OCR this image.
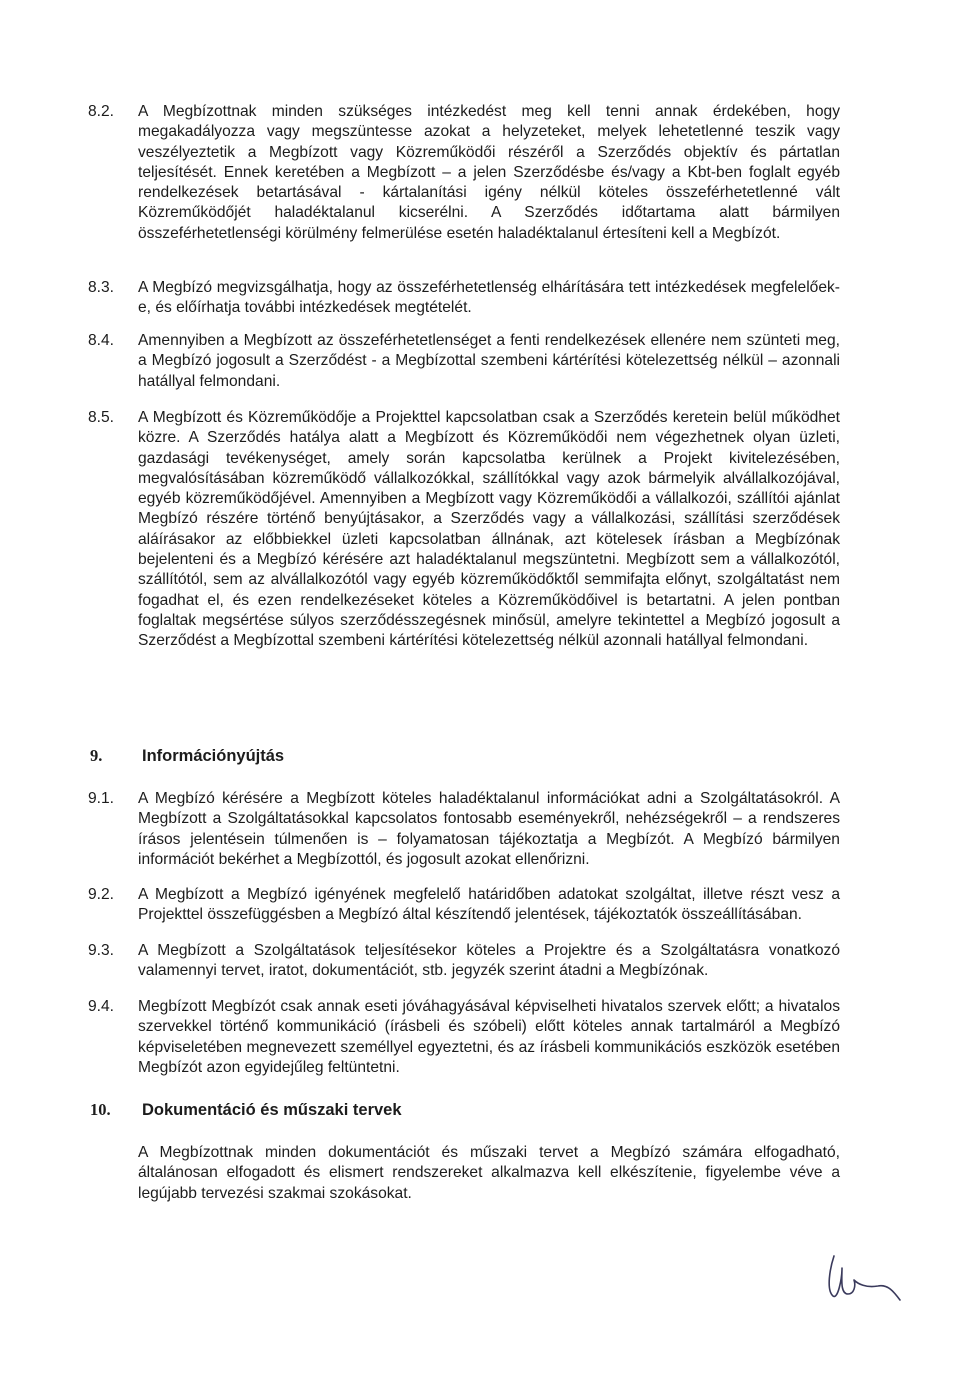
8.2. A Megbízottnak minden szükséges intézkedést meg kell tenni annak érdekében, hogy megakadályozza vagy megszüntesse azokat a helyzeteket, melyek lehetetlenné teszik vagy veszélyeztetik a Megbízott vagy Közreműködői részéről a Szerződés objektív és pártatlan teljesítését. Ennek keretében a Megbízott – a jelen Szerződésbe és/vagy a Kbt-ben foglalt egyéb rendelkezések betartásával - kártalanítási igény nélkül köteles összeférhetetlenné vált Közreműködőjét haladéktalanul kicserélni. A Szerződés időtartama alatt bármilyen összeférhetetlenségi körülmény felmerülése esetén haladéktalanul értesíteni kell a Megbízót.
8.3. A Megbízó megvizsgálhatja, hogy az összeférhetetlenség elhárítására tett intézkedések megfelelőek-e, és előírhatja további intézkedések megtételét.
8.4. Amennyiben a Megbízott az összeférhetetlenséget a fenti rendelkezések ellenére nem szünteti meg, a Megbízó jogosult a Szerződést - a Megbízottal szembeni kártérítési kötelezettség nélkül – azonnali hatállyal felmondani.
8.5. A Megbízott és Közreműködője a Projekttel kapcsolatban csak a Szerződés keretein belül működhet közre. A Szerződés hatálya alatt a Megbízott és Közreműködői nem végezhetnek olyan üzleti, gazdasági tevékenységet, amely során kapcsolatba kerülnek a Projekt kivitelezésében, megvalósításában közreműködő vállalkozókkal, szállítókkal vagy azok bármelyik alvállalkozójával, egyéb közreműködőjével. Amennyiben a Megbízott vagy Közreműködői a vállalkozói, szállítói ajánlat Megbízó részére történő benyújtásakor, a Szerződés vagy a vállalkozási, szállítási szerződések aláírásakor az előbbiekkel üzleti kapcsolatban állnának, azt kötelesek írásban a Megbízónak bejelenteni és a Megbízó kérésére azt haladéktalanul megszüntetni. Megbízott sem a vállalkozótól, szállítótól, sem az alvállalkozótól vagy egyéb közreműködőktől semmifajta előnyt, szolgáltatást nem fogadhat el, és ezen rendelkezéseket köteles a Közreműködőivel is betartatni. A jelen pontban foglaltak megsértése súlyos szerződésszegésnek minősül, amelyre tekintettel a Megbízó jogosult a Szerződést a Megbízottal szembeni kártérítési kötelezettség nélkül azonnali hatállyal felmondani.
9. Információnyújtás
9.1. A Megbízó kérésére a Megbízott köteles haladéktalanul információkat adni a Szolgáltatásokról. A Megbízott a Szolgáltatásokkal kapcsolatos fontosabb eseményekről, nehézségekről – a rendszeres írásos jelentésein túlmenően is – folyamatosan tájékoztatja a Megbízót. A Megbízó bármilyen információt bekérhet a Megbízottól, és jogosult azokat ellenőrizni.
9.2. A Megbízott a Megbízó igényének megfelelő határidőben adatokat szolgáltat, illetve részt vesz a Projekttel összefüggésben a Megbízó által készítendő jelentések, tájékoztatók összeállításában.
9.3. A Megbízott a Szolgáltatások teljesítésekor köteles a Projektre és a Szolgáltatásra vonatkozó valamennyi tervet, iratot, dokumentációt, stb. jegyzék szerint átadni a Megbízónak.
9.4. Megbízott Megbízót csak annak eseti jóváhagyásával képviselheti hivatalos szervek előtt; a hivatalos szervekkel történő kommunikáció (írásbeli és szóbeli) előtt köteles annak tartalmáról a Megbízó képviseletében megnevezett személlyel egyeztetni, és az írásbeli kommunikációs eszközök esetében Megbízót azon egyidejűleg feltüntetni.
10. Dokumentáció és műszaki tervek
A Megbízottnak minden dokumentációt és műszaki tervet a Megbízó számára elfogadható, általánosan elfogadott és elismert rendszereket alkalmazva kell elkészítenie, figyelembe véve a legújabb tervezési szakmai szokásokat.
